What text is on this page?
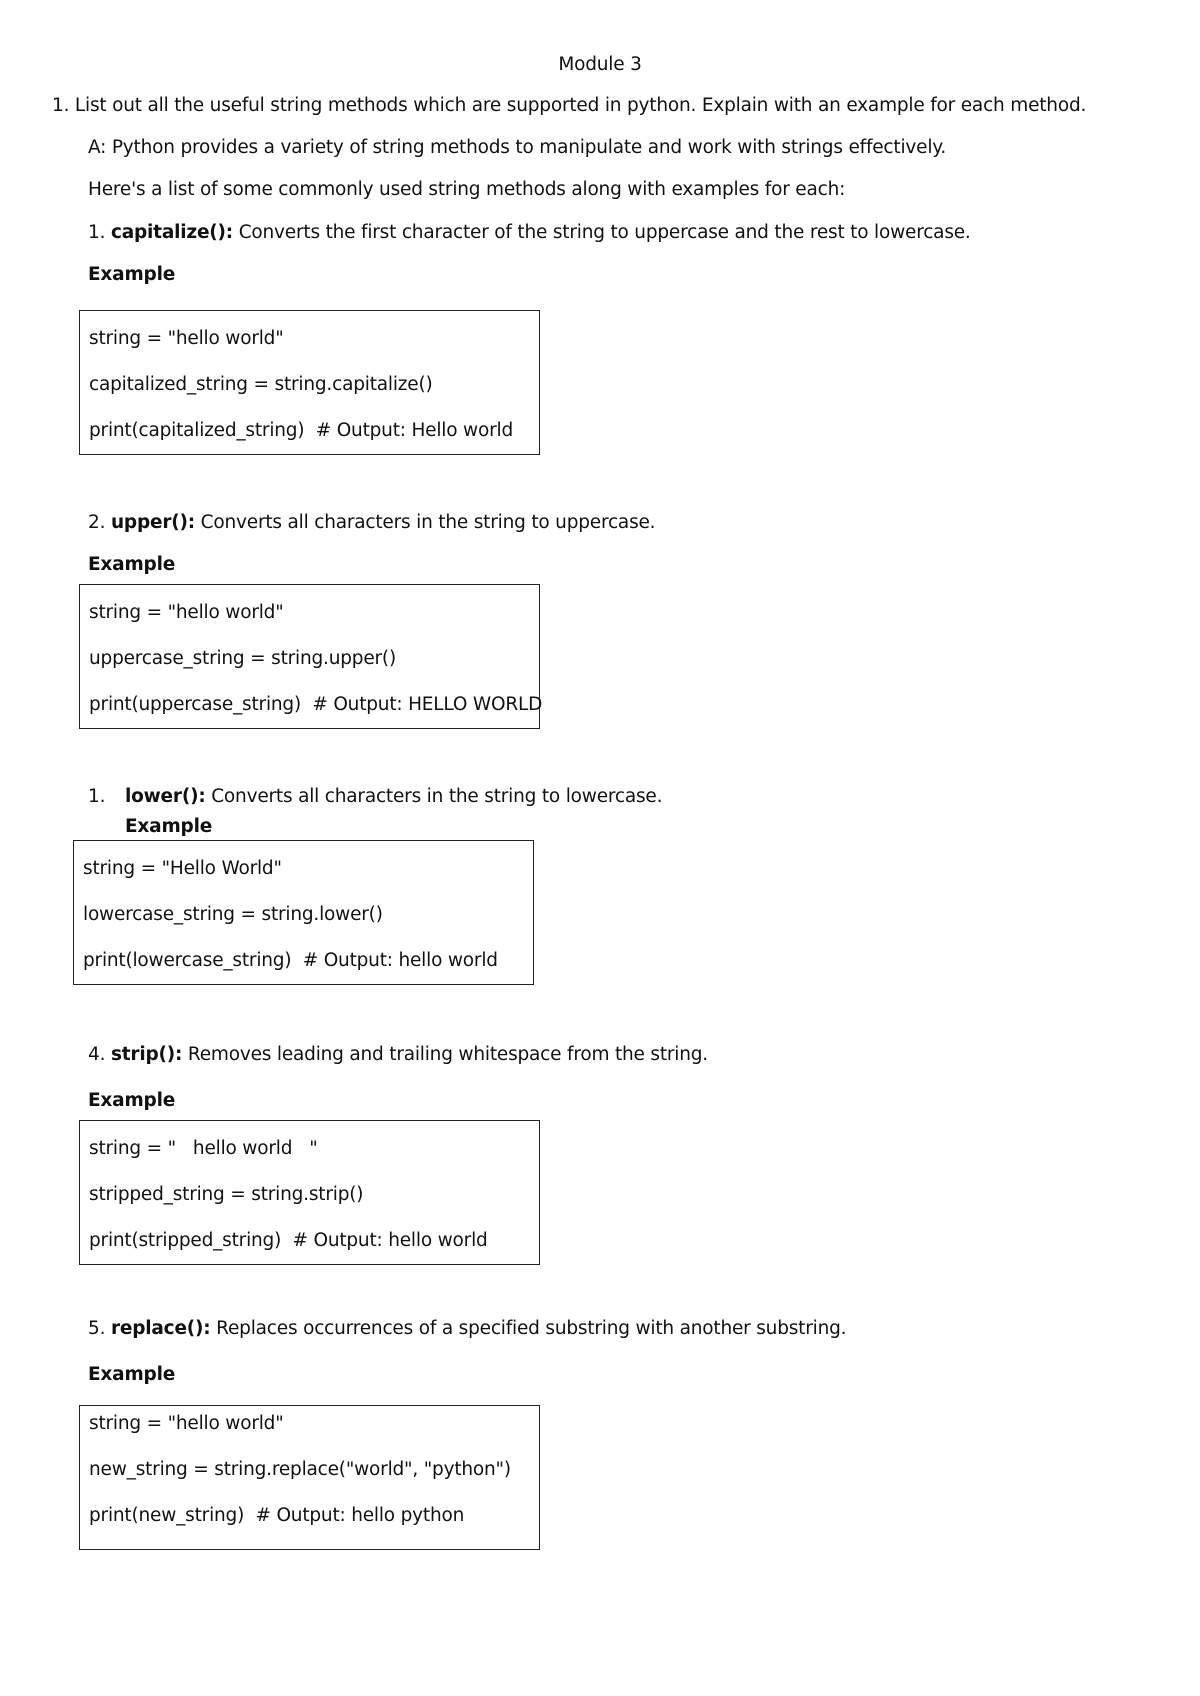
Module 3
1. List out all the useful string methods which are supported in python. Explain with an example for each method.
A: Python provides a variety of string methods to manipulate and work with strings effectively.
Here's a list of some commonly used string methods along with examples for each:
1. capitalize(): Converts the first character of the string to uppercase and the rest to lowercase.
Example
string = "hello world"
capitalized_string = string.capitalize()
print(capitalized_string)  # Output: Hello world
2. upper(): Converts all characters in the string to uppercase.
Example
string = "hello world"
uppercase_string = string.upper()
print(uppercase_string)  # Output: HELLO WORLD
1. lower(): Converts all characters in the string to lowercase.
Example
string = "Hello World"
lowercase_string = string.lower()
print(lowercase_string)  # Output: hello world
4. strip(): Removes leading and trailing whitespace from the string.
Example
string = "   hello world   "
stripped_string = string.strip()
print(stripped_string)  # Output: hello world
5. replace(): Replaces occurrences of a specified substring with another substring.
Example
string = "hello world"
new_string = string.replace("world", "python")
print(new_string)  # Output: hello python
